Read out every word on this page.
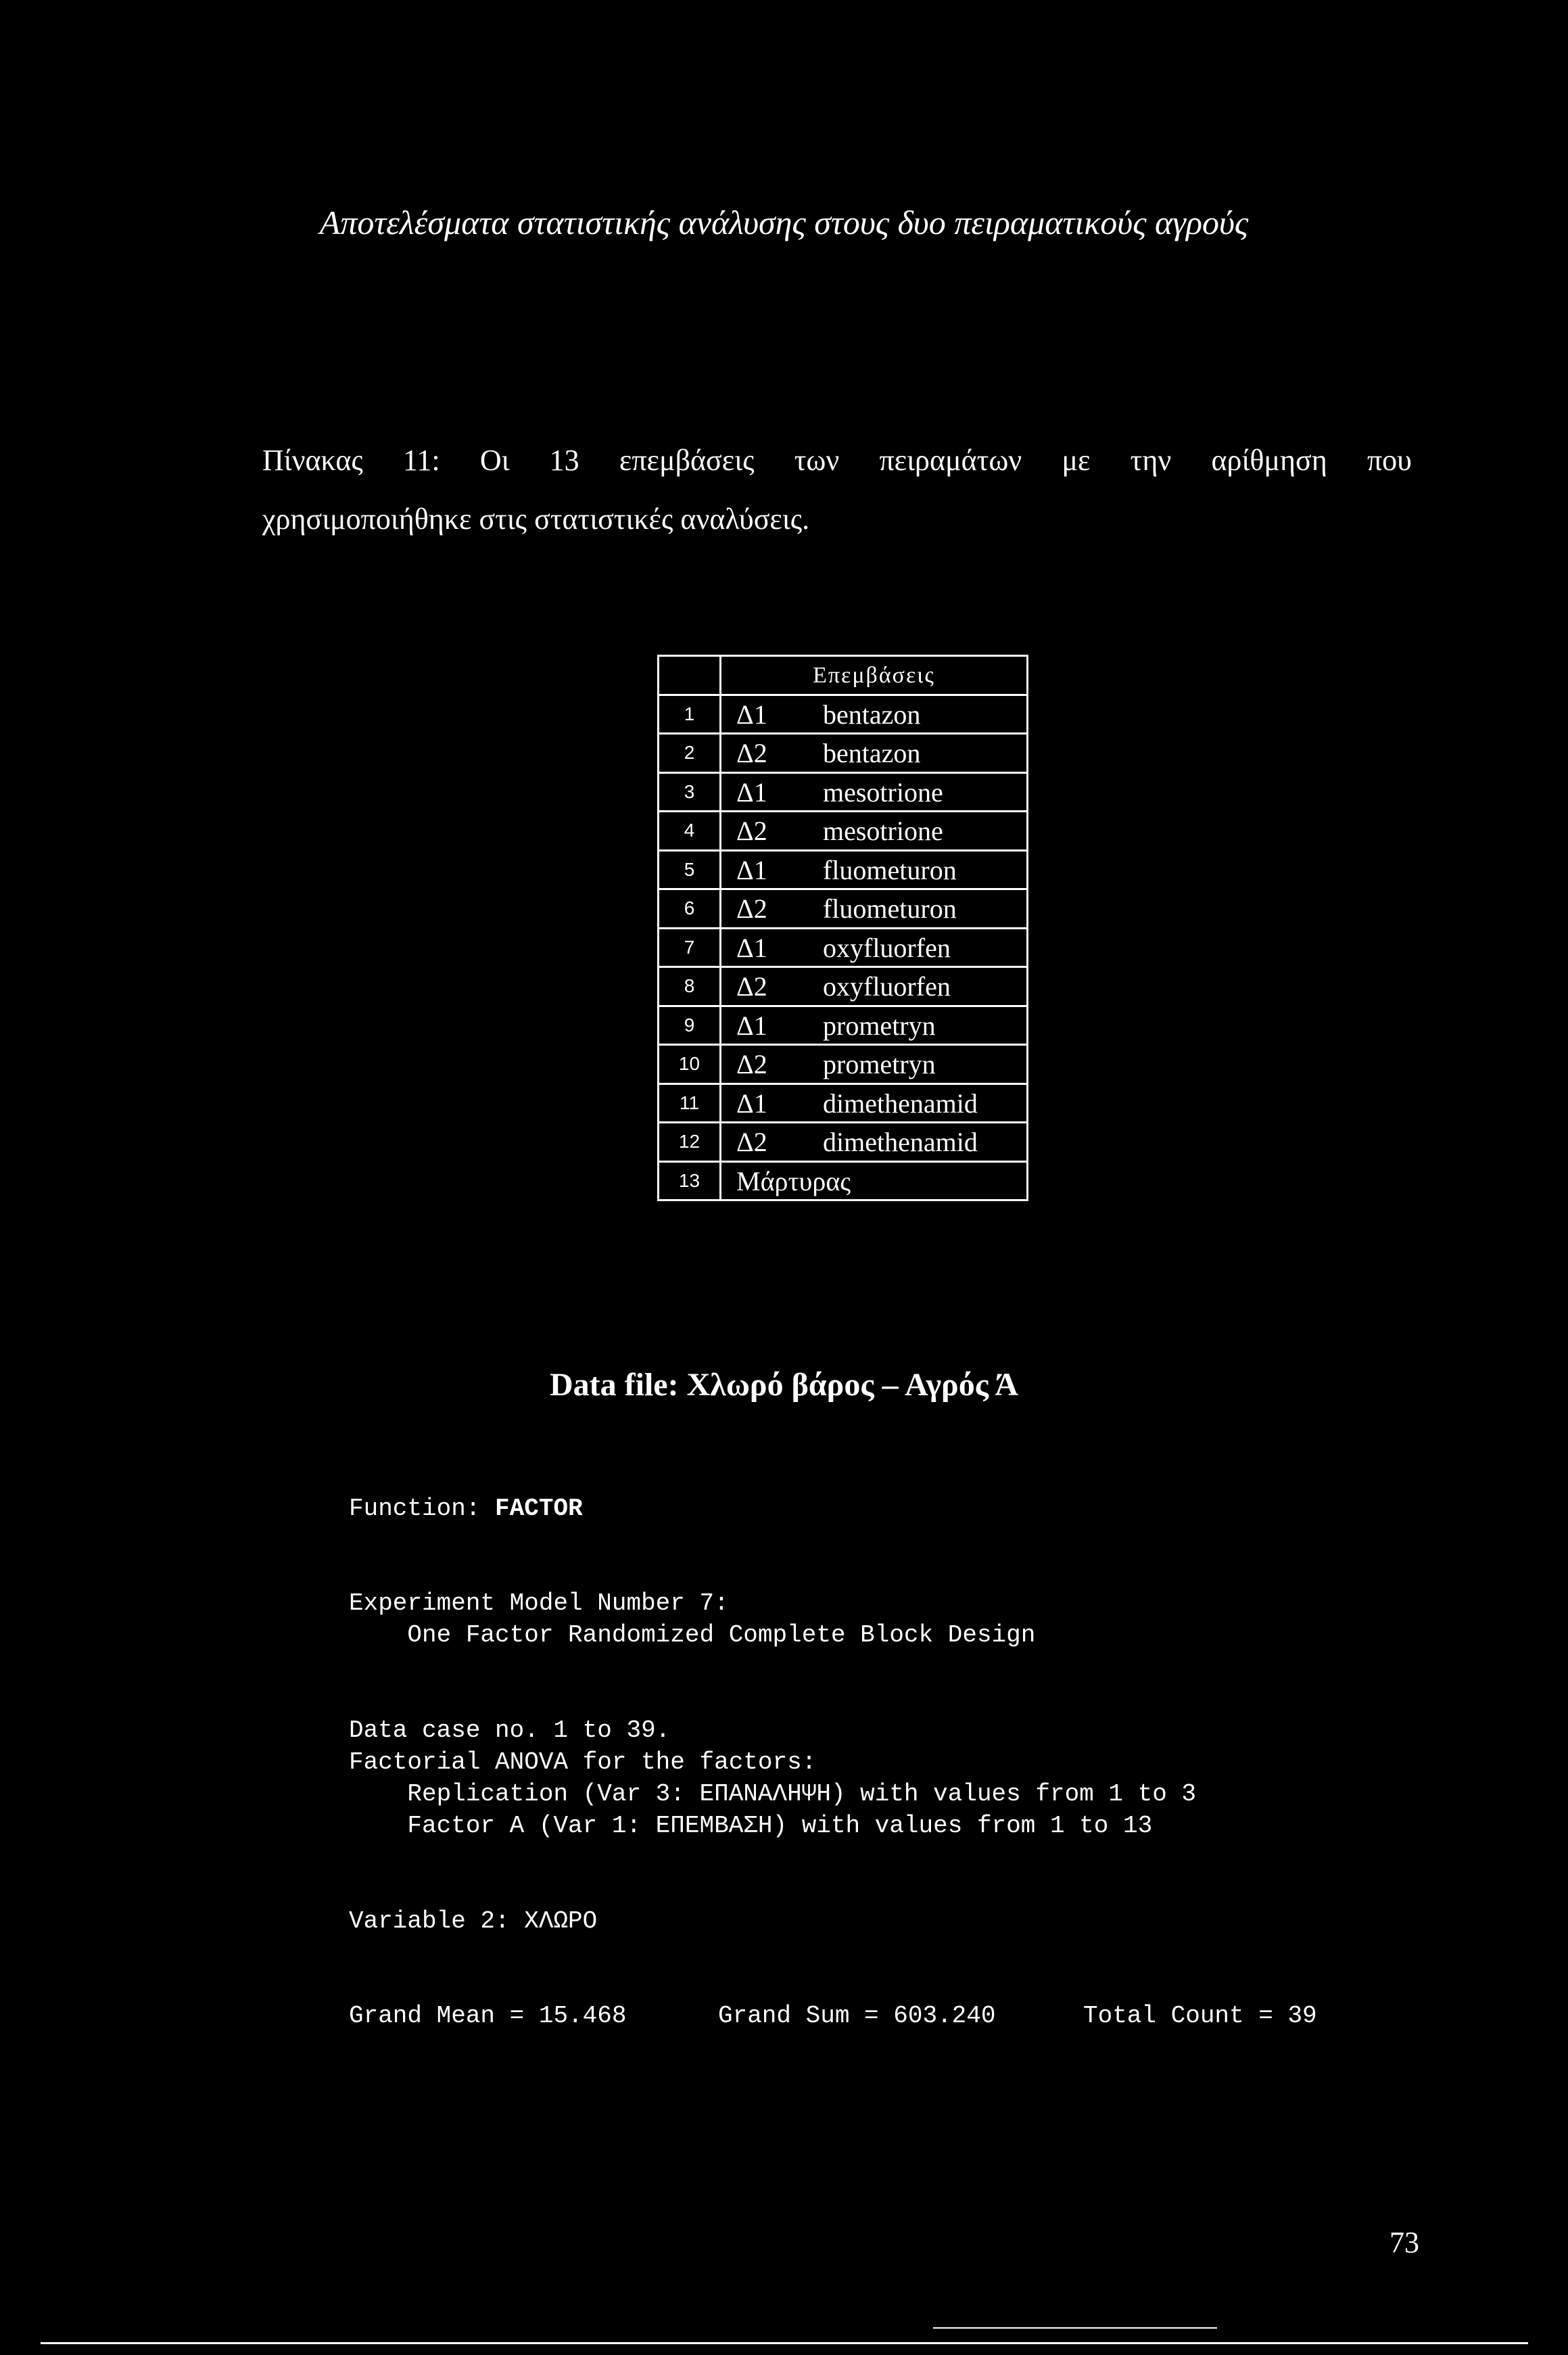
Αποτελέσματα στατιστικής ανάλυσης στους δυο πειραματικούς αγρούς
Πίνακας 11: Οι 13 επεμβάσεις των πειραμάτων με την αρίθμηση που
χρησιμοποιήθηκε στις στατιστικές αναλύσεις.
Επεμβάσεις
1	Δ1	bentazon
2	Δ2	bentazon
3	Δ1	mesotrione
4	Δ2	mesotrione
5	Δ1	fluometuron
6	Δ2	fluometuron
7	Δ1	oxyfluorfen
8	Δ2	oxyfluorfen
9	Δ1	prometryn
10	Δ2	prometryn
11	Δ1	dimethenamid
12	Δ2	dimethenamid
13	Μάρτυρας
Data file: Χλωρό βάρος – Αγρός Ά
Function: FACTOR
Experiment Model Number 7:
One Factor Randomized Complete Block Design
Data case no. 1 to 39.
Factorial ANOVA for the factors:
Replication (Var 3: ΕΠΑΝΑΛΗΨΗ) with values from 1 to 3
Factor A (Var 1: ΕΠΕΜΒΑΣΗ) with values from 1 to 13
Variable 2: ΧΛΩΡΟ
Grand Mean = 15.468	Grand Sum = 603.240	Total Count = 39
73
